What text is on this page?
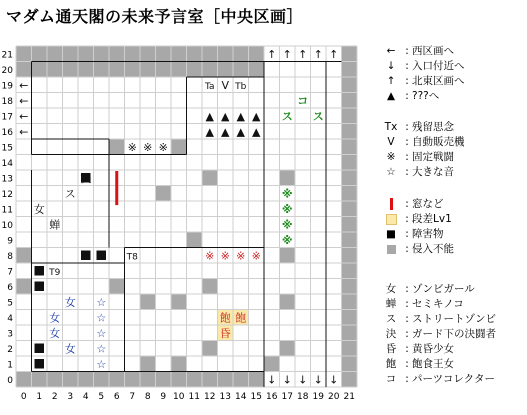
マダム通天閣の未来予言室［中央区画］
0 1 2 3 4 5 6 7 8 9 10 11 12 13 14 15 16 17 18 19 20 21
0
1
2
3
4
5
6
7
8
9
10
11
12
13
14
15
16
17
18
19
20
21
←
←
←
←
↑ ↑ ↑ ↑ ↑
↓ ↓ ↓ ↓ ↓
Ta V Tb
▲ ▲ ▲ ▲
▲ ▲ ▲ ▲
コ
ス ス
※ ※ ※
※
※
※
※
※ ※ ※ ※
決
ス
女
蝉
T8
T9
女
女
女
女
☆
☆
☆
☆
☆
飽 飽
昏
← : 西区画へ
↓ : 入口付近へ
↑ : 北東区画へ
▲ : ???へ
Tx : 残留思念
V : 自動販売機
※ : 固定戦闘
☆ : 大きな音
: 窓など
: 段差Lv1
■ : 障害物
: 侵入不能
女 : ゾンビガール
蝉 : セミキノコ
ス : ストリートゾンビ
決 : ガード下の決闘者
昏 : 黄昏少女
飽 : 飽食王女
コ : パーツコレクター
